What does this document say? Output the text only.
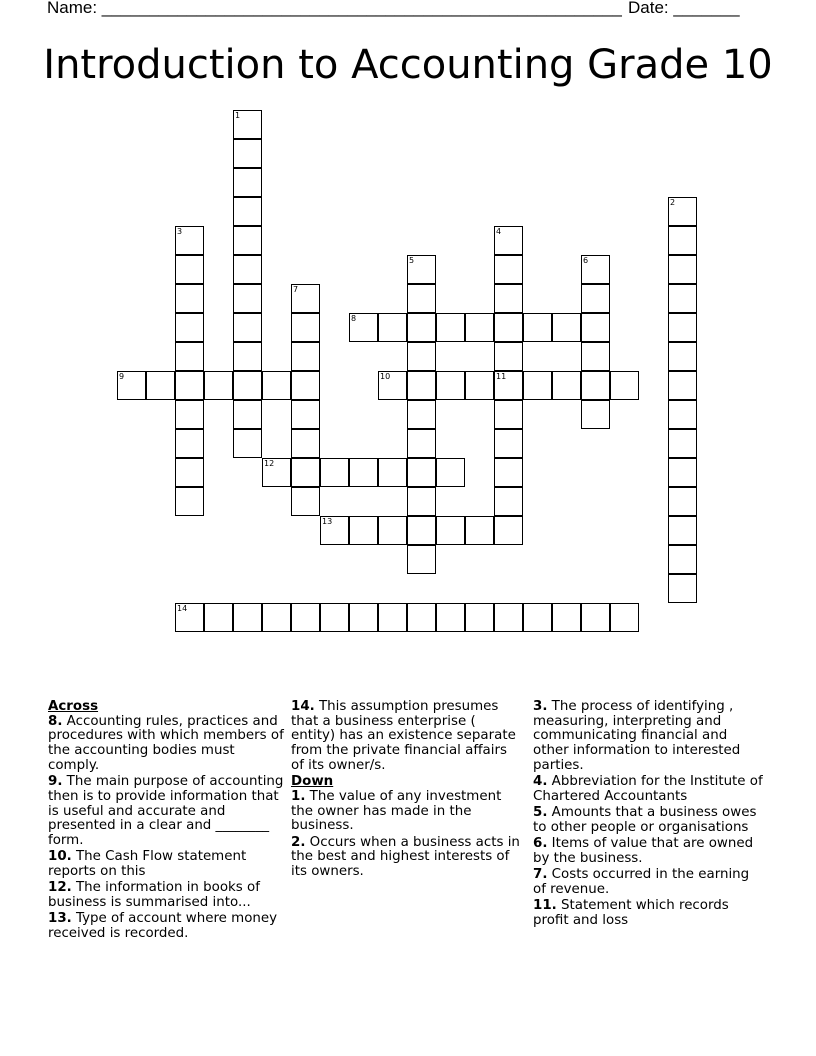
Name: _______________________________________________________ Date: _______
Introduction to Accounting Grade 10
1
2
3	4
11
5	6
7
8
9	10
12
13
14
Across
8. Accounting rules, practices and procedures with which members of the accounting bodies must comply.
9. The main purpose of accounting then is to provide information that is useful and accurate and presented in a clear and ________ form.
10. The Cash Flow statement reports on this
12. The information in books of business is summarised into...
13. Type of account where money received is recorded.
14. This assumption presumes that a business enterprise ( entity) has an existence separate from the private financial affairs of its owner/s.
Down
1. The value of any investment the owner has made in the business.
2. Occurs when a business acts in the best and highest interests of its owners.
3. The process of identifying , measuring, interpreting and communicating financial and other information to interested parties.
4. Abbreviation for the Institute of Chartered Accountants
5. Amounts that a business owes to other people or organisations
6. Items of value that are owned by the business.
7. Costs occurred in the earning of revenue.
11. Statement which records profit and loss
